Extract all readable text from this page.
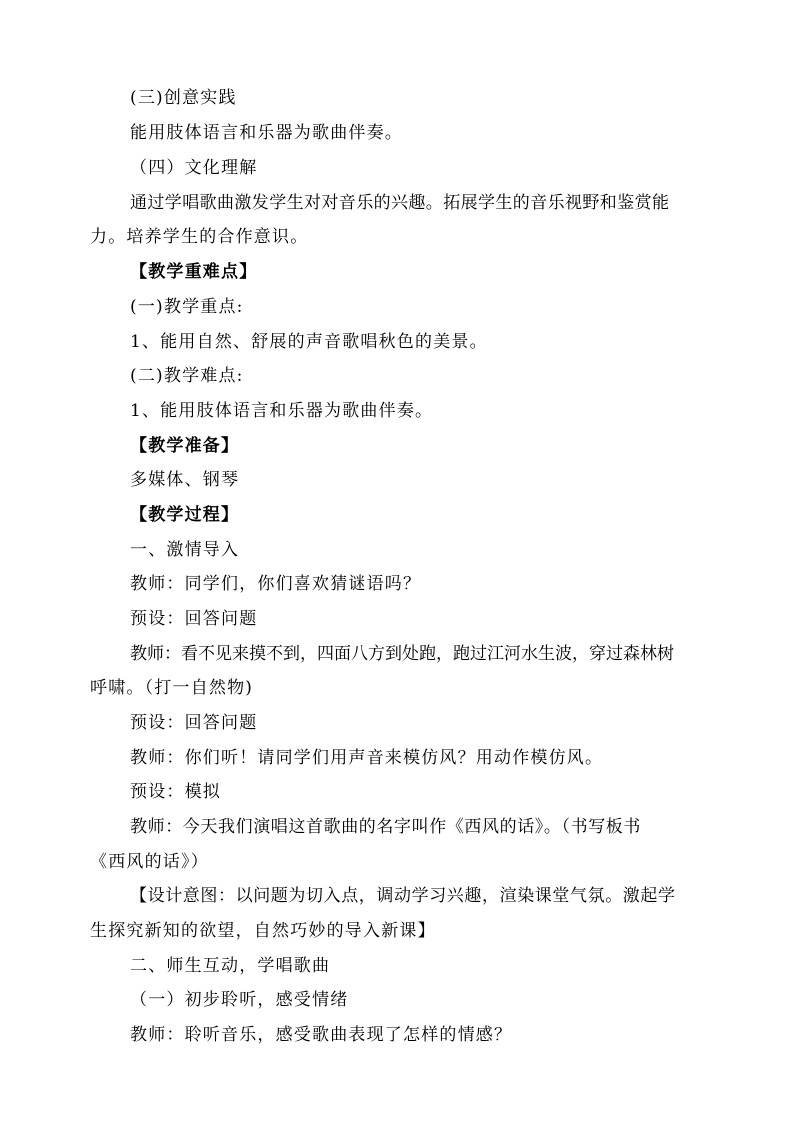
(三)创意实践
能用肢体语言和乐器为歌曲伴奏。
（四）文化理解
通过学唱歌曲激发学生对对音乐的兴趣。拓展学生的音乐视野和鉴赏能
力。培养学生的合作意识。
【教学重难点】
(一)教学重点:
1、能用自然、舒展的声音歌唱秋色的美景。
(二)教学难点:
1、能用肢体语言和乐器为歌曲伴奏。
【教学准备】
多媒体、钢琴
【教学过程】
一、激情导入
教师：同学们，你们喜欢猜谜语吗？
预设：回答问题
教师：看不见来摸不到，四面八方到处跑，跑过江河水生波，穿过森林树
呼啸。（打一自然物)
预设：回答问题
教师：你们听！请同学们用声音来模仿风？用动作模仿风。
预设：模拟
教师：今天我们演唱这首歌曲的名字叫作《西风的话》。（书写板书
《西风的话》）
【设计意图：以问题为切入点，调动学习兴趣，渲染课堂气氛。激起学
生探究新知的欲望，自然巧妙的导入新课】
二、师生互动，学唱歌曲
（一）初步聆听，感受情绪
教师：聆听音乐，感受歌曲表现了怎样的情感？
